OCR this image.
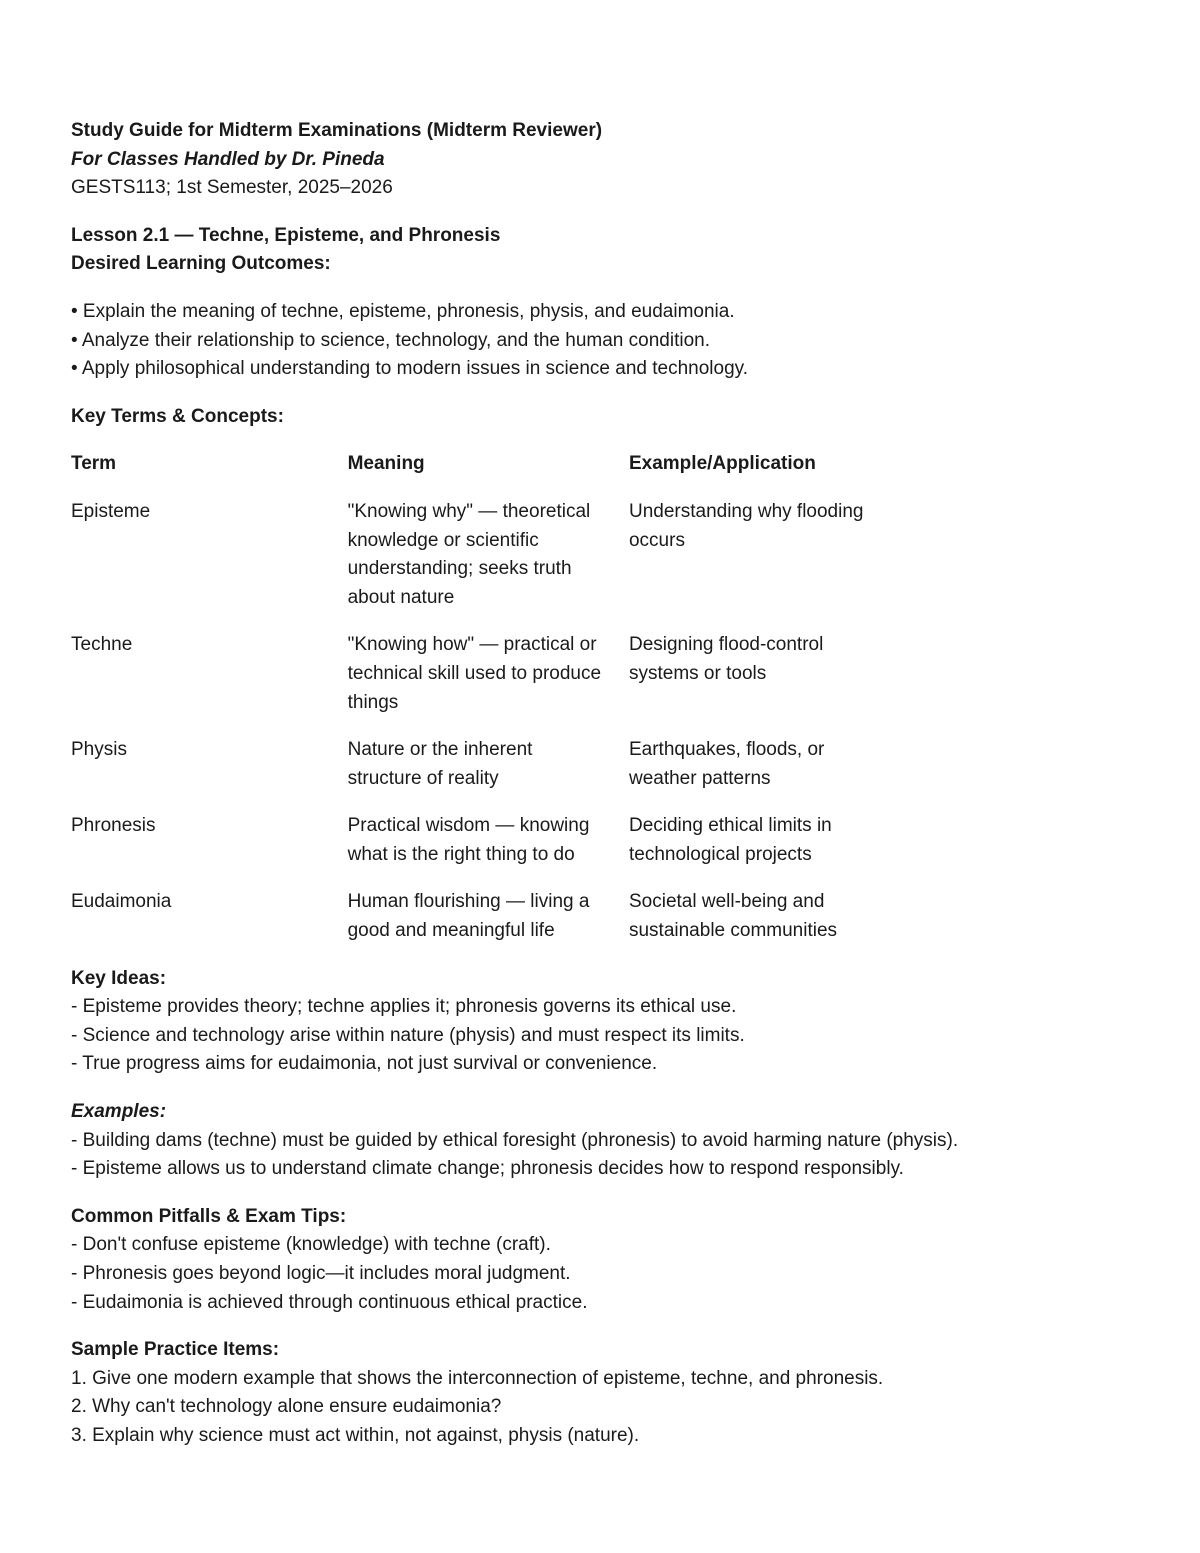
Study Guide for Midterm Examinations (Midterm Reviewer)

For Classes Handled by Dr. Pineda

GESTS113; 1st Semester, 2025–2026

Lesson 2.1 — Techne, Episteme, and Phronesis

Desired Learning Outcomes:

• Explain the meaning of techne, episteme, phronesis, physis, and eudaimonia.
• Analyze their relationship to science, technology, and the human condition.
• Apply philosophical understanding to modern issues in science and technology.

Key Terms & Concepts:

Term	Meaning	Example/Application
Episteme	"Knowing why" — theoretical knowledge or scientific understanding; seeks truth about nature	Understanding why flooding occurs

Techne	"Knowing how" — practical or technical skill used to produce things	Designing flood-control systems or tools

Physis	Nature or the inherent structure of reality	Earthquakes, floods, or weather patterns

Phronesis	Practical wisdom — knowing what is the right thing to do	Deciding ethical limits in technological projects

Eudaimonia	Human flourishing — living a good and meaningful life	Societal well-being and sustainable communities

Key Ideas:

- Episteme provides theory; techne applies it; phronesis governs its ethical use.
- Science and technology arise within nature (physis) and must respect its limits.
- True progress aims for eudaimonia, not just survival or convenience.

Examples:

- Building dams (techne) must be guided by ethical foresight (phronesis) to avoid harming nature (physis).
- Episteme allows us to understand climate change; phronesis decides how to respond responsibly.

Common Pitfalls & Exam Tips:

- Don't confuse episteme (knowledge) with techne (craft).
- Phronesis goes beyond logic—it includes moral judgment.
- Eudaimonia is achieved through continuous ethical practice.

Sample Practice Items:

1. Give one modern example that shows the interconnection of episteme, techne, and phronesis.
2. Why can't technology alone ensure eudaimonia?
3. Explain why science must act within, not against, physis (nature).
